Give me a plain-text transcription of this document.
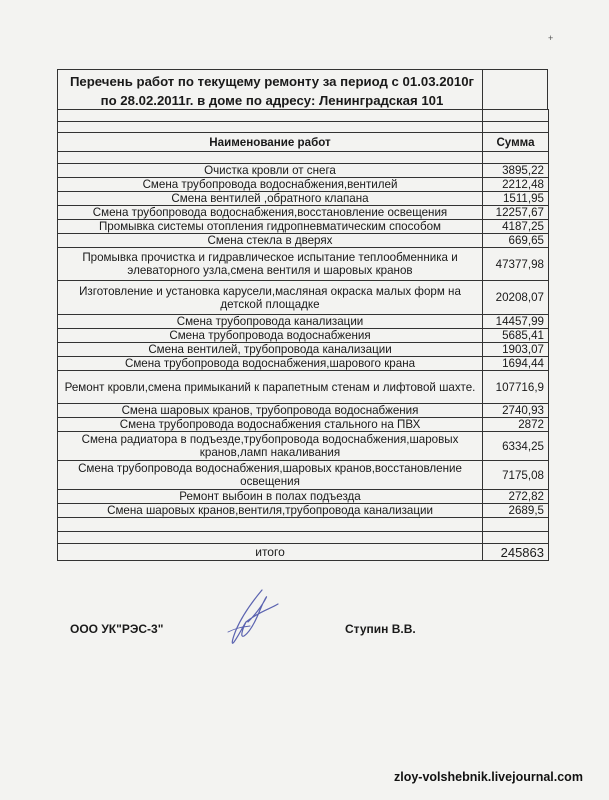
+
Перечень работ по текущему ремонту за период с 01.03.2010г
по 28.02.2011г. в доме по адресу: Ленинградская 101

Наименование работ	Сумма

Очистка кровли от снега	3895,22
Смена трубопровода водоснабжения,вентилей	2212,48
Смена вентилей ,обратного клапана	1511,95
Смена трубопровода водоснабжения,восстановление освещения	12257,67
Промывка системы отопления гидропневматическим способом	4187,25
Смена стекла в дверях	669,65
Промывка прочистка и гидравлическое испытание теплообменника и элеваторного узла,смена вентиля и шаровых кранов	47377,98
Изготовление и установка карусели,масляная окраска малых форм на детской площадке	20208,07
Смена трубопровода канализации	14457,99
Смена трубопровода водоснабжения	5685,41
Смена вентилей, трубопровода канализации	1903,07
Смена трубопровода водоснабжения,шарового крана	1694,44
Ремонт кровли,смена примыканий к парапетным стенам и лифтовой шахте.	107716,9
Смена шаровых кранов, трубопровода водоснабжения	2740,93
Смена трубопровода водоснабжения стального на ПВХ	2872
Смена радиатора в подъезде,трубопровода водоснабжения,шаровых кранов,ламп накаливания	6334,25
Смена трубопровода водоснабжения,шаровых кранов,восстановление освещения	7175,08
Ремонт выбоин в полах подъезда	272,82
Смена шаровых кранов,вентиля,трубопровода канализации	2689,5

итого	245863
ООО УК"РЭС-3"	Ступин В.В.
zloy-volshebnik.livejournal.com
